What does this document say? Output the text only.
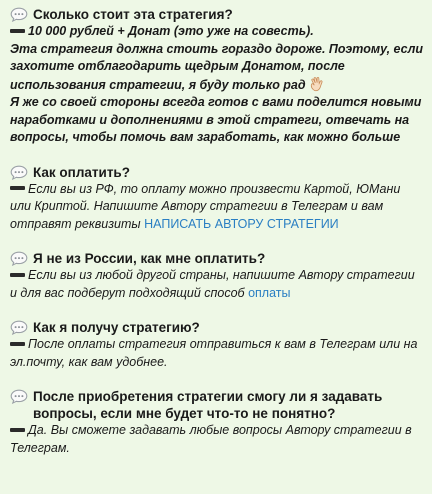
Сколько стоит эта стратегия?
10 000 рублей + Донат (это уже на совесть).
Эта стратегия должна стоить гораздо дороже. Поэтому, если захотите отблагодарить щедрым Донатом, после использования стратегии, я буду только рад
Я же со своей стороны всегда готов с вами поделится новыми наработками и дополнениями в этой стратеги, отвечать на вопросы, чтобы помочь вам заработать, как можно больше
Как оплатить?
Если вы из РФ, то оплату можно произвести Картой, ЮМани или Криптой. Напишите Автору стратегии в Телеграм и вам отправят реквизиты НАПИСАТЬ АВТОРУ СТРАТЕГИИ
Я не из России, как мне оплатить?
Если вы из любой другой страны, напишите Автору стратегии и для вас подберут подходящий способ оплаты
Как я получу стратегию?
После оплаты стратегия отправиться к вам в Телеграм или на эл.почту, как вам удобнее.
После приобретения стратегии смогу ли я задавать вопросы, если мне будет что-то не понятно?
Да. Вы сможете задавать любые вопросы Автору стратегии в Телеграм.
